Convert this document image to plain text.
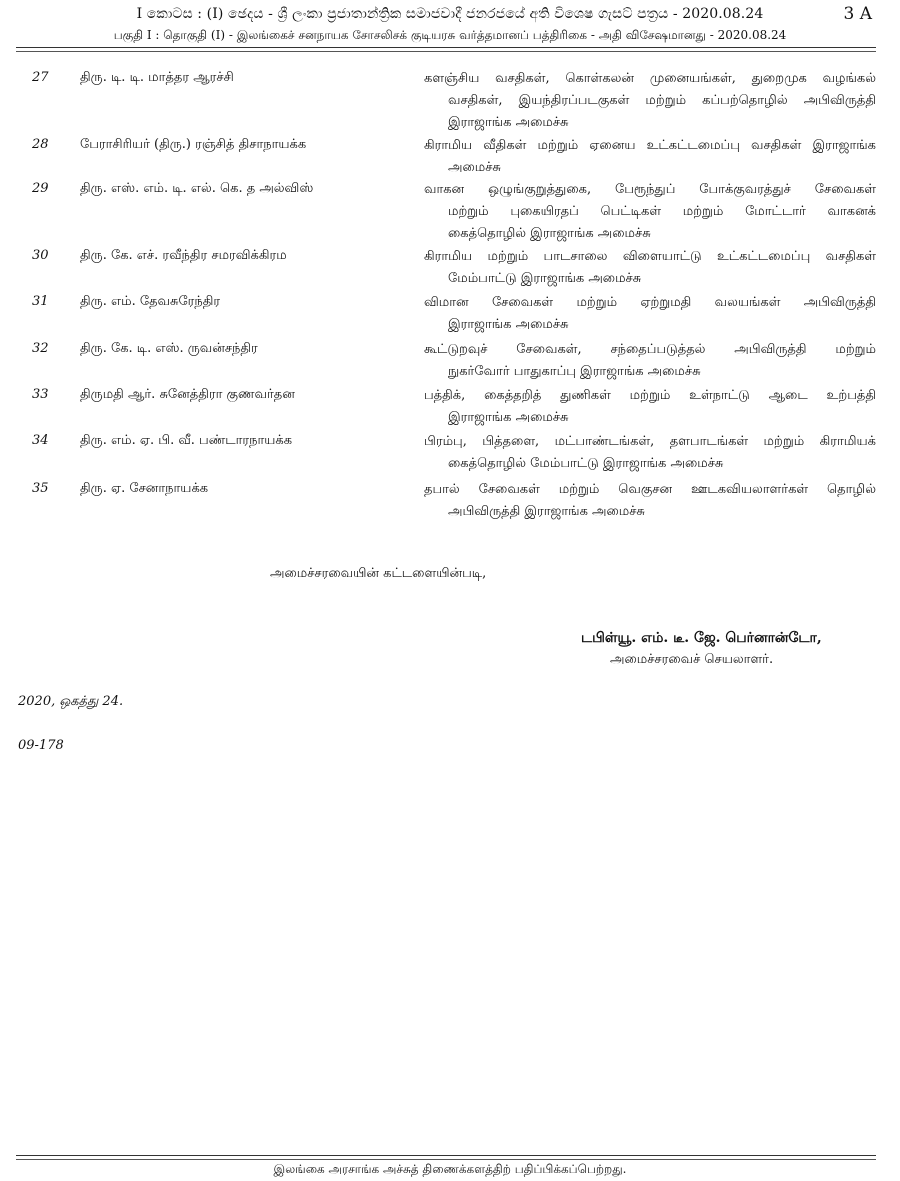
I කොටස : (I) ඡෙදය - ශ්‍රී ලංකා ප්‍රජාතාන්ත්‍රික සමාජවාදී ජනරජයේ අති විශෙෂ ගැසට් පත්‍රය - 2020.08.24	3 A
பகுதி I : தொகுதி (I) - இலங்கைச் சனநாயக சோசலிசக் குடியரசு வர்த்தமானப் பத்திரிகை - அதி விசேஷமானது - 2020.08.24
27 திரு. டி. டி. மாத்தர ஆரச்சி	களஞ்சிய வசதிகள், கொள்கலன் முனையங்கள், துறைமுக வழங்கல்
வசதிகள், இயந்திரப்படகுகள் மற்றும் கப்பற்தொழில் அபிவிருத்தி
இராஜாங்க அமைச்சு
28 பேராசிரியர் (திரு.) ரஞ்சித் திசாநாயக்க	கிராமிய வீதிகள் மற்றும் ஏனைய உட்கட்டமைப்பு வசதிகள் இராஜாங்க
அமைச்சு
29 திரு. எஸ். எம். டி. எல். கெ. த அல்விஸ்	வாகன ஒழுங்குறுத்துகை, பேரூந்துப் போக்குவரத்துச் சேவைகள்
மற்றும் புகையிரதப் பெட்டிகள் மற்றும் மோட்டார் வாகனக்
கைத்தொழில் இராஜாங்க அமைச்சு
30 திரு. கே. எச். ரவீந்திர சமரவிக்கிரம	கிராமிய மற்றும் பாடசாலை விளையாட்டு உட்கட்டமைப்பு வசதிகள்
மேம்பாட்டு இராஜாங்க அமைச்சு
31 திரு. எம். தேவசுரேந்திர	விமான சேவைகள் மற்றும் ஏற்றுமதி வலயங்கள் அபிவிருத்தி
இராஜாங்க அமைச்சு
32 திரு. கே. டி. எஸ். ருவன்சந்திர	கூட்டுறவுச் சேவைகள், சந்தைப்படுத்தல் அபிவிருத்தி மற்றும்
நுகர்வோர் பாதுகாப்பு இராஜாங்க அமைச்சு
33 திருமதி ஆர். சுனேத்திரா குணவர்தன	பத்திக், கைத்தறித் துணிகள் மற்றும் உள்நாட்டு ஆடை உற்பத்தி
இராஜாங்க அமைச்சு
34 திரு. எம். ஏ. பி. வீ. பண்டாரநாயக்க	பிரம்பு, பித்தளை, மட்பாண்டங்கள், தளபாடங்கள் மற்றும் கிராமியக்
கைத்தொழில் மேம்பாட்டு இராஜாங்க அமைச்சு
35 திரு. ஏ. சேனாநாயக்க	தபால் சேவைகள் மற்றும் வெகுசன ஊடகவியலாளர்கள் தொழில்
அபிவிருத்தி இராஜாங்க அமைச்சு
அமைச்சரவையின் கட்டளையின்படி,
டபிள்யூ. எம். டீ. ஜே. பெர்னான்டோ,
அமைச்சரவைச் செயலாளர்.
2020, ஒகத்து 24.
09-178
இலங்கை அரசாங்க அச்சுத் திணைக்களத்திற் பதிப்பிக்கப்பெற்றது.
